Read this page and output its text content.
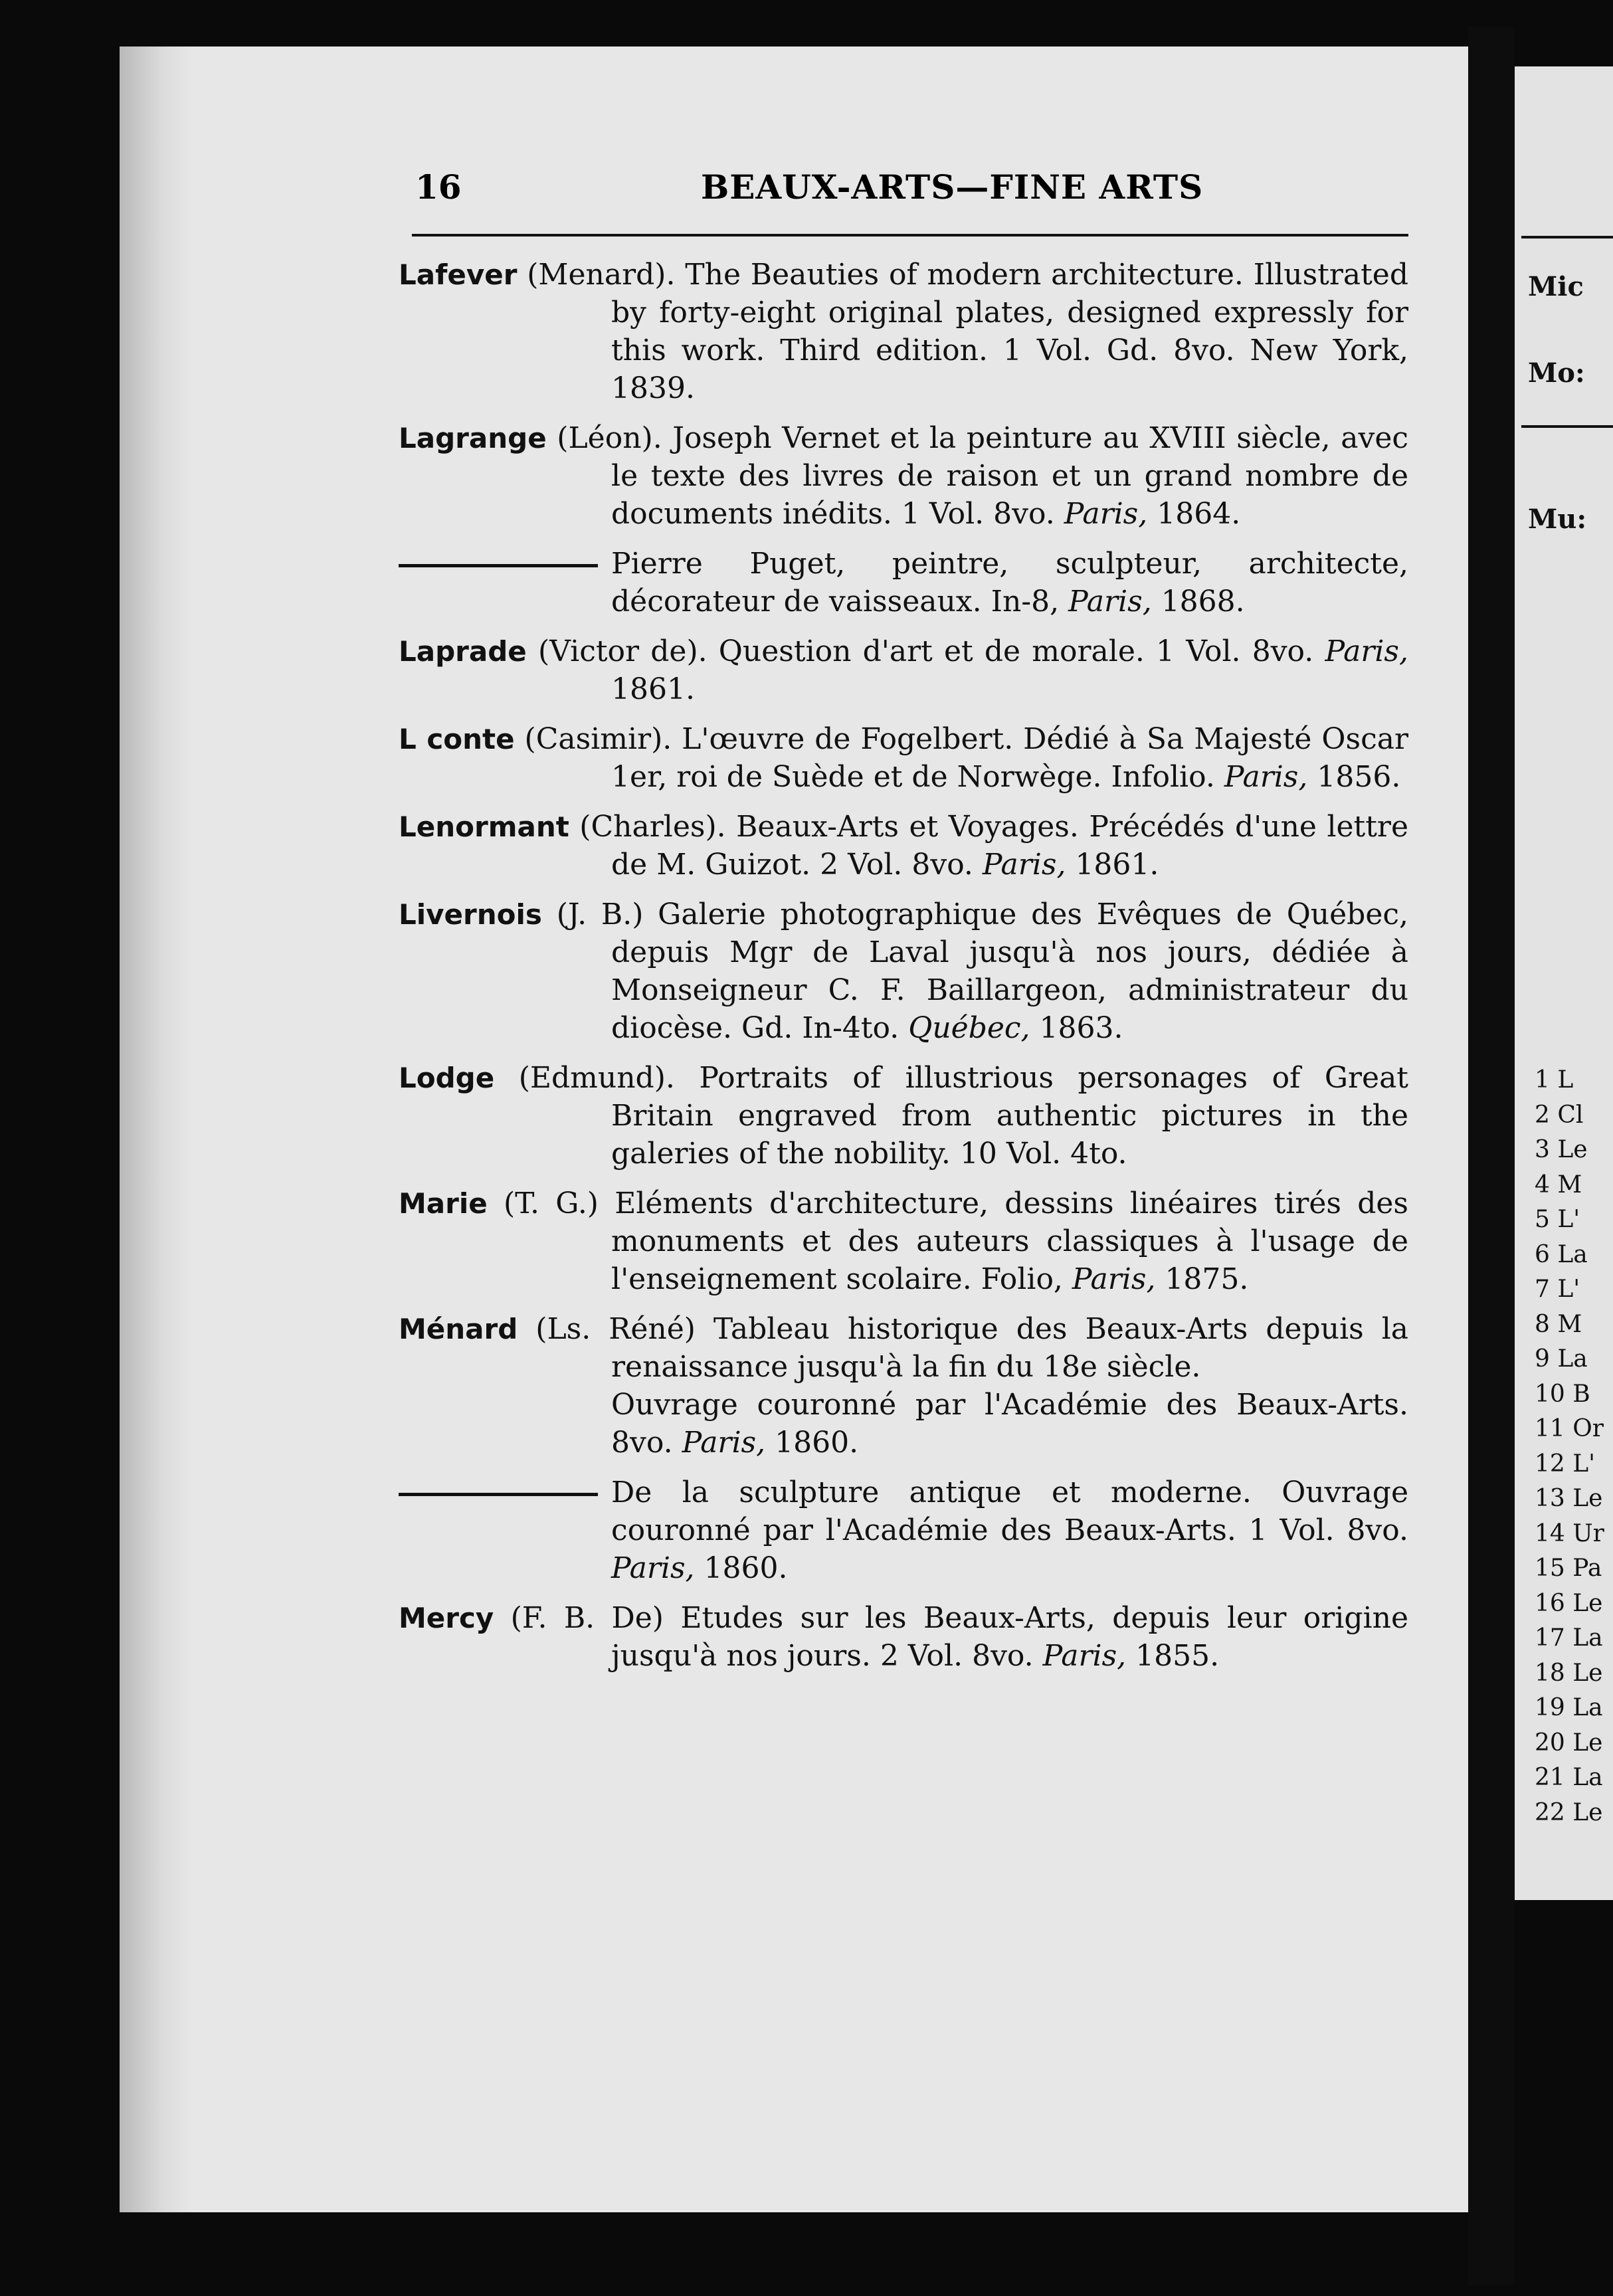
16	BEAUX-ARTS—FINE ARTS
Lafever (Menard). The Beauties of modern architecture. Illustrated by forty-eight original plates, designed expressly for this work. Third edition. 1 Vol. Gd. 8vo. New York, 1839.
Lagrange (Léon). Joseph Vernet et la peinture au XVIII siècle, avec le texte des livres de raison et un grand nombre de documents inédits. 1 Vol. 8vo. Paris, 1864.
Pierre Puget, peintre, sculpteur, architecte, décorateur de vaisseaux. In-8, Paris, 1868.
Laprade (Victor de). Question d'art et de morale. 1 Vol. 8vo. Paris, 1861.
L conte (Casimir). L'œuvre de Fogelbert. Dédié à Sa Majesté Oscar 1er, roi de Suède et de Norwège. Infolio. Paris, 1856.
Lenormant (Charles). Beaux-Arts et Voyages. Précédés d'une lettre de M. Guizot. 2 Vol. 8vo. Paris, 1861.
Livernois (J. B.) Galerie photographique des Evêques de Québec, depuis Mgr de Laval jusqu'à nos jours, dédiée à Monseigneur C. F. Baillargeon, administrateur du diocèse. Gd. In-4to. Québec, 1863.
Lodge (Edmund). Portraits of illustrious personages of Great Britain engraved from authentic pictures in the galeries of the nobility. 10 Vol. 4to.
Marie (T. G.) Eléments d'architecture, dessins linéaires tirés des monuments et des auteurs classiques à l'usage de l'enseignement scolaire. Folio, Paris, 1875.
Ménard (Ls. Réné) Tableau historique des Beaux-Arts depuis la renaissance jusqu'à la fin du 18e siècle.
Ouvrage couronné par l'Académie des Beaux-Arts. 8vo. Paris, 1860.
De la sculpture antique et moderne. Ouvrage couronné par l'Académie des Beaux-Arts. 1 Vol. 8vo. Paris, 1860.
Mercy (F. B. De) Etudes sur les Beaux-Arts, depuis leur origine jusqu'à nos jours. 2 Vol. 8vo. Paris, 1855.
Mic
Mo:
Mu:
1 L
2 Cl
3 Le
4 M
5 L'
6 La
7 L'
8 M
9 La
10 B
11 Or
12 L'
13 Le
14 Ur
15 Pa
16 Le
17 La
18 Le
19 La
20 Le
21 La
22 Le
